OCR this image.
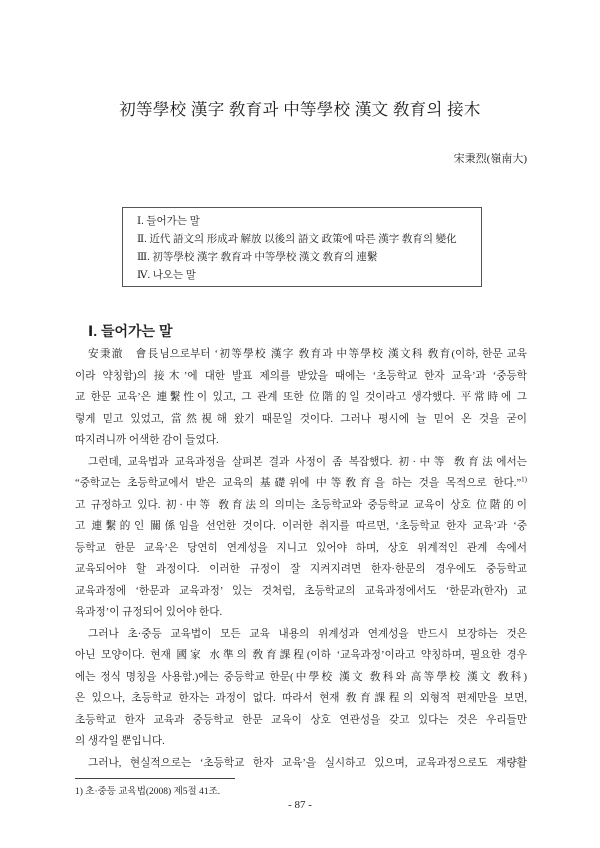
初等學校 漢字 敎育과 中等學校 漢文 敎育의 接木
宋秉烈(嶺南大)
Ⅰ. 들어가는 말
Ⅱ. 近代 語文의 形成과 解放 以後의 語文 政策에 따른 漢字 敎育의 變化
Ⅲ. 初等學校 漢字 敎育과 中等學校 漢文 敎育의 連繫
Ⅳ. 나오는 말
Ⅰ. 들어가는 말
安秉澈　會長님으로부터 ‘初等學校 漢字 敎育과 中等學校 漢文科 敎育(이하, 한문 교육
이라 약칭함)의 接木’에 대한 발표 제의를 받았을 때에는 ‘초등학교 한자 교육’과 ‘중등학
교 한문 교육’은 連繫性이 있고, 그 관계 또한 位階的일 것이라고 생각했다. 平常時에 그
렇게 믿고 있었고, 當然視해 왔기 때문일 것이다. 그러나 평시에 늘 믿어 온 것을 굳이
따지려니까 어색한 감이 들었다.
그런데, 교육법과 교육과정을 살펴본 결과 사정이 좀 복잡했다. 初·中等 敎育法에서는
“중학교는 초등학교에서 받은 교육의 基礎위에 中等敎育을 하는 것을 목적으로 한다.”$^{1)}$
고 규정하고 있다. 初·中等 敎育法의 의미는 초등학교와 중등학교 교육이 상호 位階的이
고 連繫的인 關係임을 선언한 것이다. 이러한 취지를 따르면, ‘초등학교 한자 교육’과 ‘중
등학교 한문 교육’은 당연히 연계성을 지니고 있어야 하며, 상호 위계적인 관계 속에서
교육되어야 할 과정이다. 이러한 규정이 잘 지켜지려면 한자·한문의 경우에도 중등학교
교육과정에 ‘한문과 교육과정’ 있는 것처럼, 초등학교의 교육과정에서도 ‘한문과(한자) 교
육과정’이 규정되어 있어야 한다.
그러나 초·중등 교육법이 모든 교육 내용의 위계성과 연계성을 반드시 보장하는 것은
아닌 모양이다. 현재 國家 水準의 敎育課程(이하 ‘교육과정’이라고 약칭하며, 필요한 경우
에는 정식 명칭을 사용함.)에는 중등학교 한문(中學校 漢文 敎科와 高等學校 漢文 敎科)
은 있으나, 초등학교 한자는 과정이 없다. 따라서 현재 敎育課程의 외형적 편제만을 보면,
초등학교 한자 교육과 중등학교 한문 교육이 상호 연관성을 갖고 있다는 것은 우리들만
의 생각일 뿐입니다.
그러나, 현실적으로는 ‘초등학교 한자 교육’을 실시하고 있으며, 교육과정으로도 재량활
1) 초·중등 교육법(2008) 제5절 41조.
- 87 -
